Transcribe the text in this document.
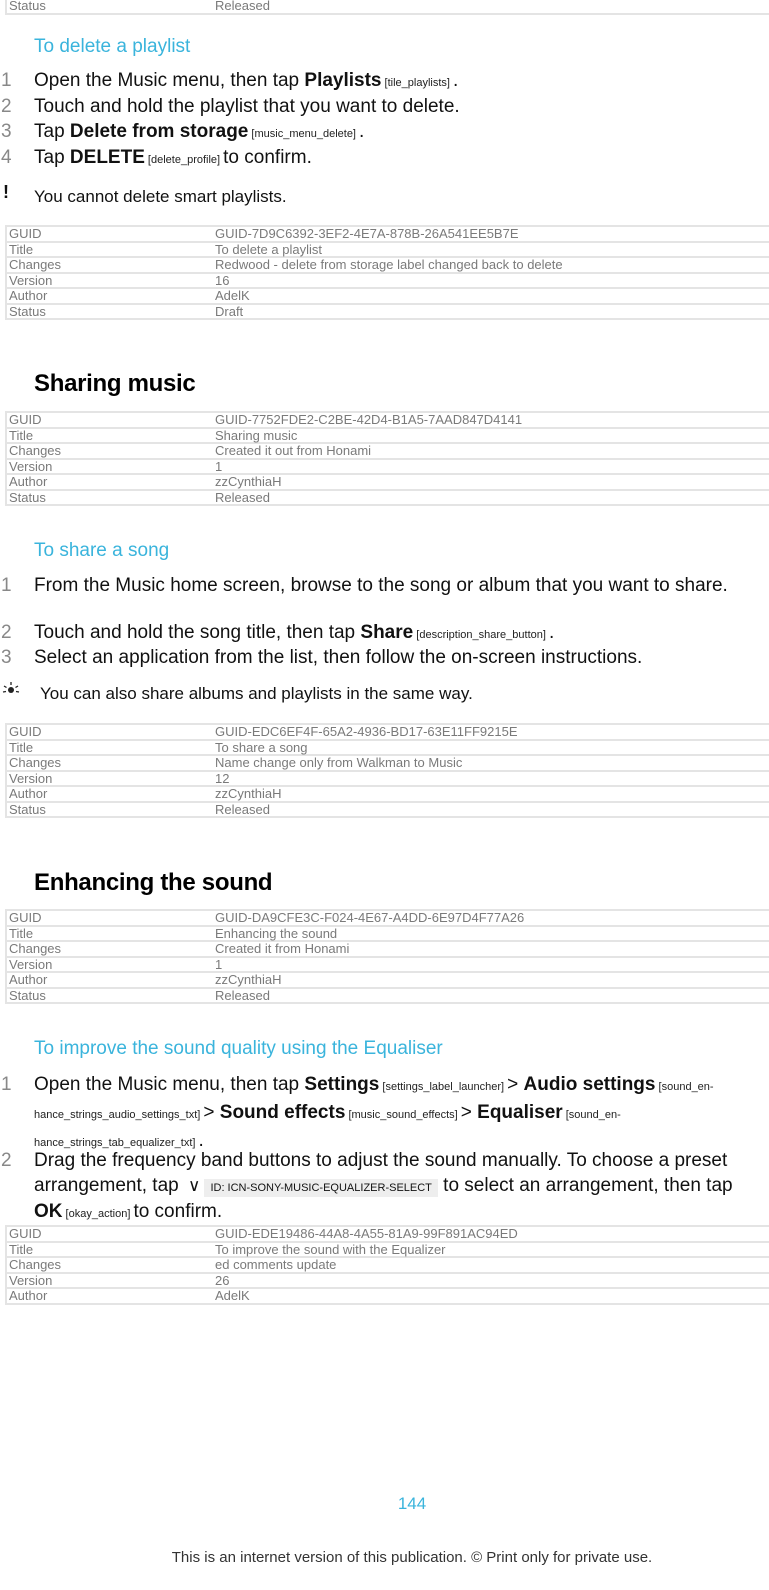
Status	Released
To delete a playlist
1 Open the Music menu, then tap Playlists [tile_playlists] .
2 Touch and hold the playlist that you want to delete.
3 Tap Delete from storage [music_menu_delete] .
4 Tap DELETE [delete_profile] to confirm.
! You cannot delete smart playlists.
GUID	GUID-7D9C6392-3EF2-4E7A-878B-26A541EE5B7E
Title	To delete a playlist
Changes	Redwood - delete from storage label changed back to delete
Version	16
Author	AdelK
Status	Draft
Sharing music
GUID	GUID-7752FDE2-C2BE-42D4-B1A5-7AAD847D4141
Title	Sharing music
Changes	Created it out from Honami
Version	1
Author	zzCynthiaH
Status	Released
To share a song
1 From the Music home screen, browse to the song or album that you want to share.
2 Touch and hold the song title, then tap Share [description_share_button] .
3 Select an application from the list, then follow the on-screen instructions.
You can also share albums and playlists in the same way.
GUID	GUID-EDC6EF4F-65A2-4936-BD17-63E11FF9215E
Title	To share a song
Changes	Name change only from Walkman to Music
Version	12
Author	zzCynthiaH
Status	Released
Enhancing the sound
GUID	GUID-DA9CFE3C-F024-4E67-A4DD-6E97D4F77A26
Title	Enhancing the sound
Changes	Created it from Honami
Version	1
Author	zzCynthiaH
Status	Released
To improve the sound quality using the Equaliser
1 Open the Music menu, then tap Settings [settings_label_launcher] > Audio settings [sound_enhance_strings_audio_settings_txt] > Sound effects [music_sound_effects] > Equaliser [sound_enhance_strings_tab_equalizer_txt] .
2 Drag the frequency band buttons to adjust the sound manually. To choose a preset arrangement, tap ∨ ID: ICN-SONY-MUSIC-EQUALIZER-SELECT to select an arrangement, then tap OK [okay_action] to confirm.
GUID	GUID-EDE19486-44A8-4A55-81A9-99F891AC94ED
Title	To improve the sound with the Equalizer
Changes	ed comments update
Version	26
Author	AdelK
144
This is an internet version of this publication. © Print only for private use.
